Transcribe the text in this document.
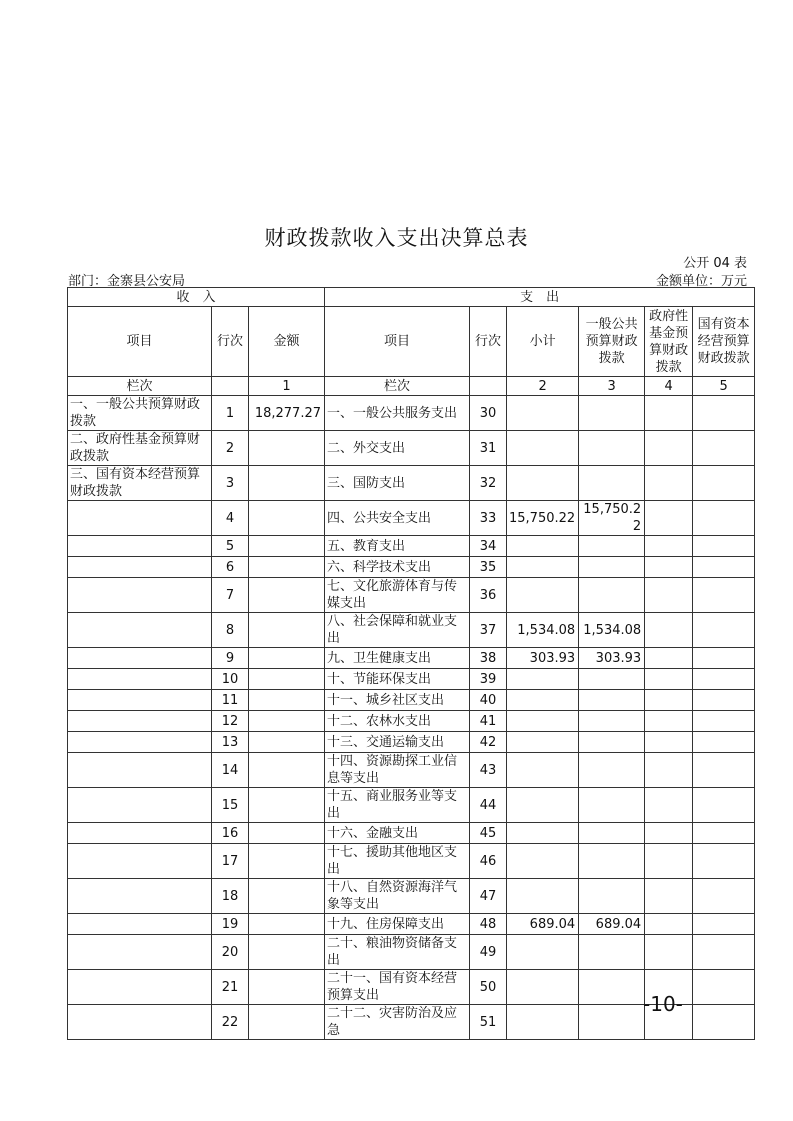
财政拨款收入支出决算总表
公开 04 表
部门：金寨县公安局	金额单位：万元
收　入			支　出					
项目	行次	金额	项目	行次	小计	一般公共预算财政拨款	政府性基金预算财政拨款	国有资本经营预算财政拨款
栏次		1	栏次		2	3	4	5
一、一般公共预算财政拨款	1	18,277.27	一、一般公共服务支出	30				
二、政府性基金预算财政拨款	2		二、外交支出	31				
三、国有资本经营预算财政拨款	3		三、国防支出	32				
	4		四、公共安全支出	33	15,750.22	15,750.22		
	5		五、教育支出	34				
	6		六、科学技术支出	35				
	7		七、文化旅游体育与传媒支出	36				
	8		八、社会保障和就业支出	37	1,534.08	1,534.08		
	9		九、卫生健康支出	38	303.93	303.93		
	10		十、节能环保支出	39				
	11		十一、城乡社区支出	40				
	12		十二、农林水支出	41				
	13		十三、交通运输支出	42				
	14		十四、资源勘探工业信息等支出	43				
	15		十五、商业服务业等支出	44				
	16		十六、金融支出	45				
	17		十七、援助其他地区支出	46				
	18		十八、自然资源海洋气象等支出	47				
	19		十九、住房保障支出	48	689.04	689.04		
	20		二十、粮油物资储备支出	49				
	21		二十一、国有资本经营预算支出	50				
	22		二十二、灾害防治及应急	51				
-10-
